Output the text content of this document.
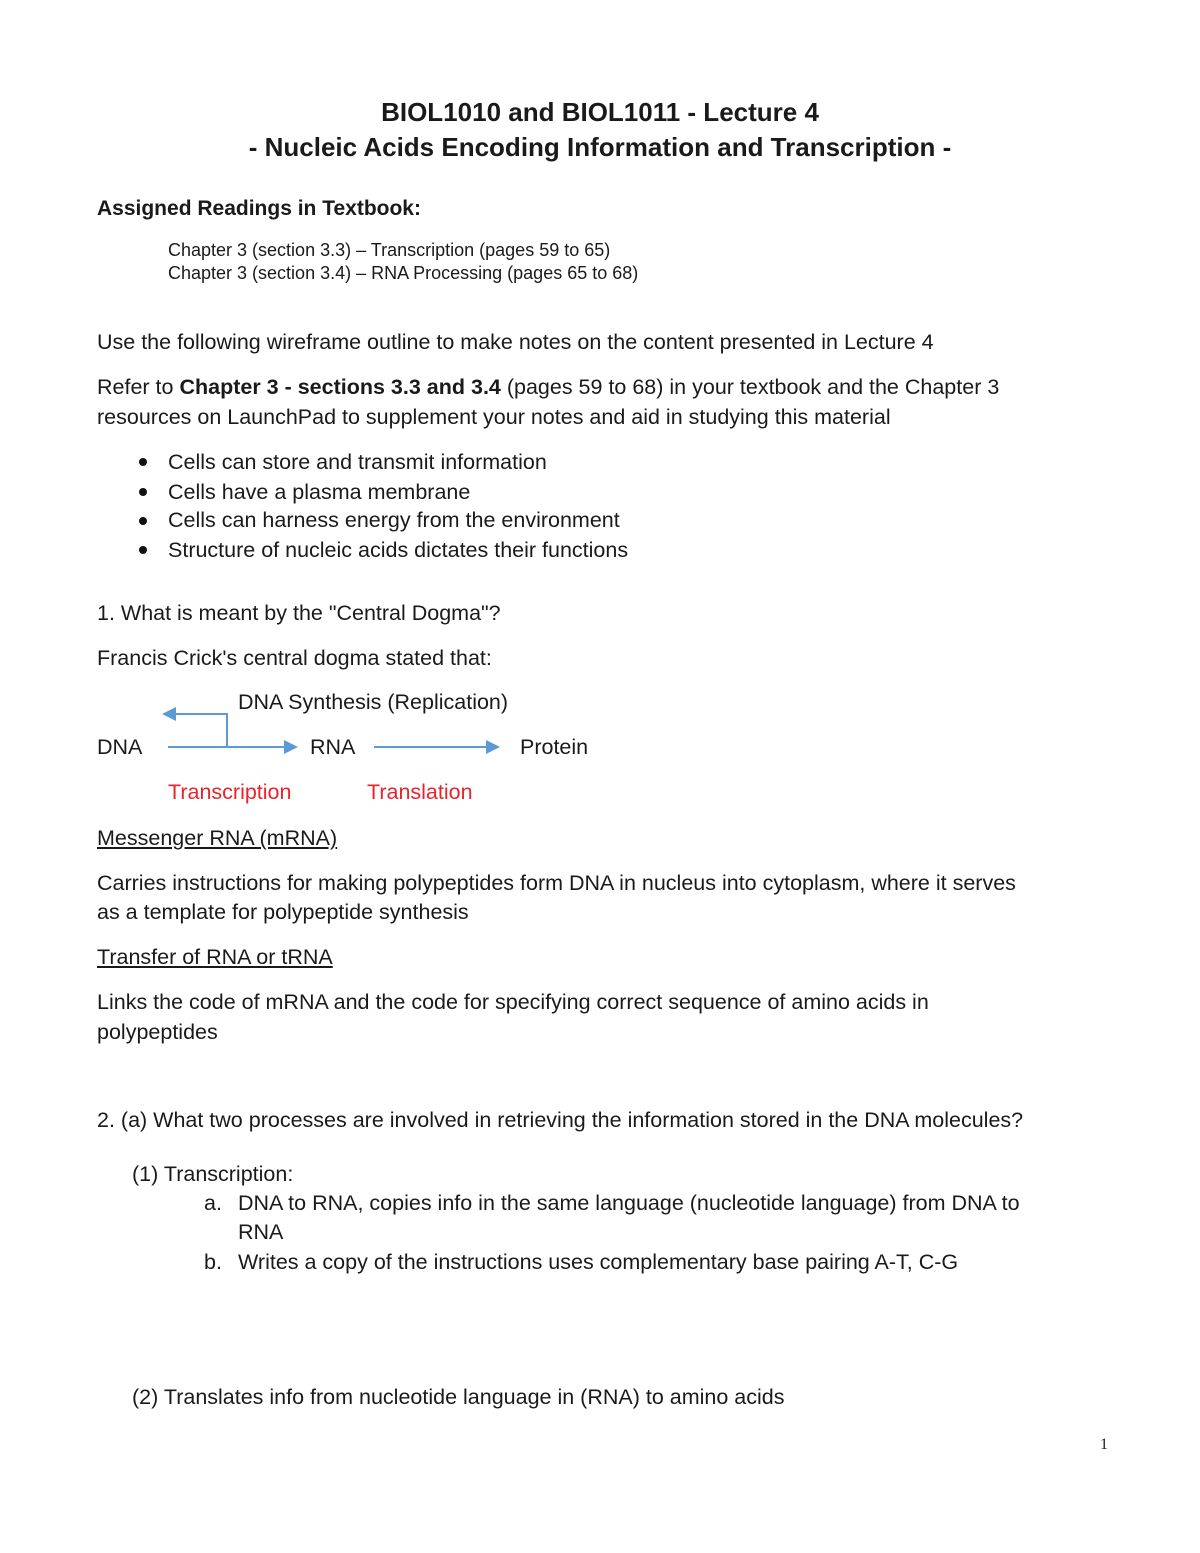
BIOL1010 and BIOL1011 - Lecture 4
- Nucleic Acids Encoding Information and Transcription -
Assigned Readings in Textbook:
Chapter 3 (section 3.3) – Transcription (pages 59 to 65)
Chapter 3 (section 3.4) – RNA Processing (pages 65 to 68)
Use the following wireframe outline to make notes on the content presented in Lecture 4
Refer to Chapter 3 - sections 3.3 and 3.4 (pages 59 to 68) in your textbook and the Chapter 3
resources on LaunchPad to supplement your notes and aid in studying this material
Cells can store and transmit information
Cells have a plasma membrane
Cells can harness energy from the environment
Structure of nucleic acids dictates their functions
1. What is meant by the "Central Dogma"?
Francis Crick's central dogma stated that:
DNA Synthesis (Replication)
DNA	RNA	Protein
Transcription	Translation
Messenger RNA (mRNA)
Carries instructions for making polypeptides form DNA in nucleus into cytoplasm, where it serves
as a template for polypeptide synthesis
Transfer of RNA or tRNA
Links the code of mRNA and the code for specifying correct sequence of amino acids in
polypeptides
2. (a) What two processes are involved in retrieving the information stored in the DNA molecules?
(1) Transcription:
a. DNA to RNA, copies info in the same language (nucleotide language) from DNA to
RNA
b. Writes a copy of the instructions uses complementary base pairing A-T, C-G
(2) Translates info from nucleotide language in (RNA) to amino acids
1
